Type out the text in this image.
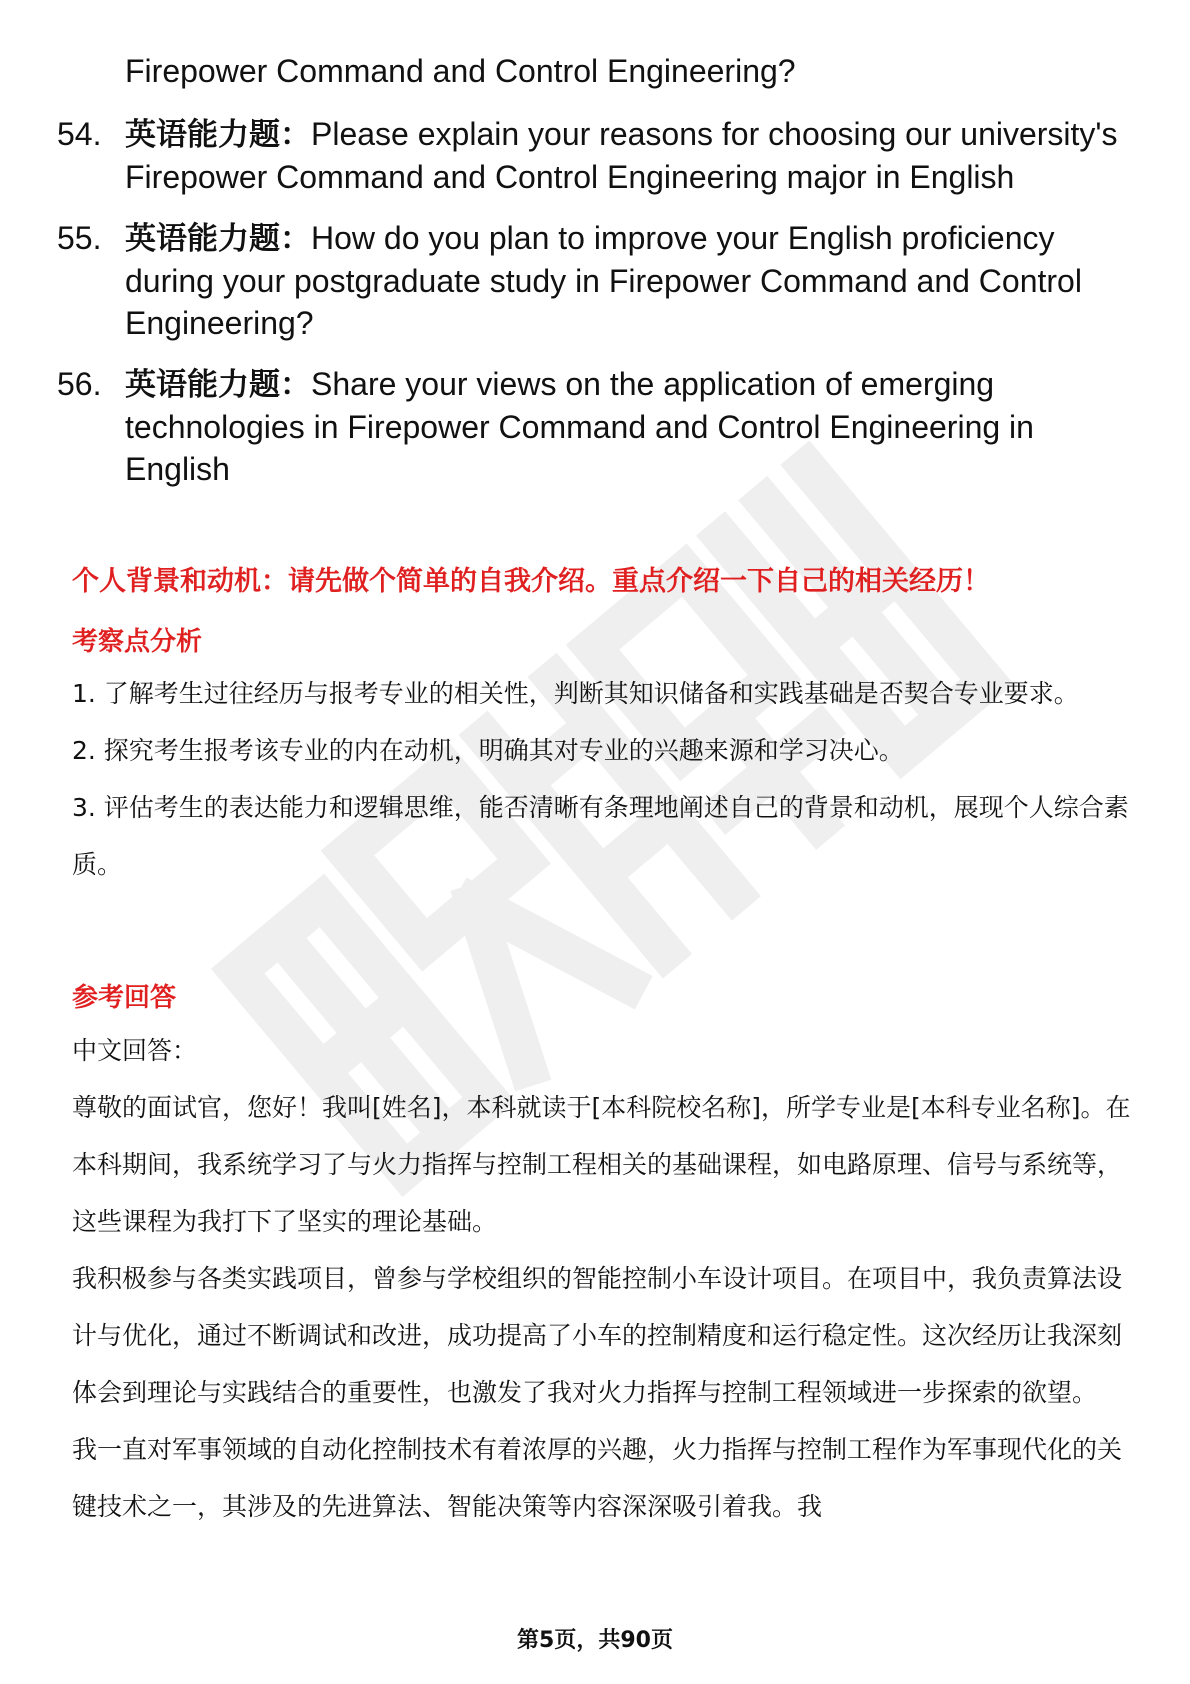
Firepower Command and Control Engineering?
54. 英语能力题：Please explain your reasons for choosing our university's Firepower Command and Control Engineering major in English
55. 英语能力题：How do you plan to improve your English proficiency during your postgraduate study in Firepower Command and Control Engineering?
56. 英语能力题：Share your views on the application of emerging technologies in Firepower Command and Control Engineering in English
个人背景和动机：请先做个简单的自我介绍。重点介绍一下自己的相关经历！
考察点分析

1. 了解考生过往经历与报考专业的相关性，判断其知识储备和实践基础是否契合专业要求。

2. 探究考生报考该专业的内在动机，明确其对专业的兴趣来源和学习决心。

3. 评估考生的表达能力和逻辑思维，能否清晰有条理地阐述自己的背景和动机，展现个人综合素质。

参考回答

中文回答：

尊敬的面试官，您好！我叫[姓名]，本科就读于[本科院校名称]，所学专业是[本科专业名称]。在本科期间，我系统学习了与火力指挥与控制工程相关的基础课程，如电路原理、信号与系统等，这些课程为我打下了坚实的理论基础。

我积极参与各类实践项目，曾参与学校组织的智能控制小车设计项目。在项目中，我负责算法设计与优化，通过不断调试和改进，成功提高了小车的控制精度和运行稳定性。这次经历让我深刻体会到理论与实践结合的重要性，也激发了我对火力指挥与控制工程领域进一步探索的欲望。

我一直对军事领域的自动化控制技术有着浓厚的兴趣，火力指挥与控制工程作为军事现代化的关键技术之一，其涉及的先进算法、智能决策等内容深深吸引着我。我

第5页，共90页
